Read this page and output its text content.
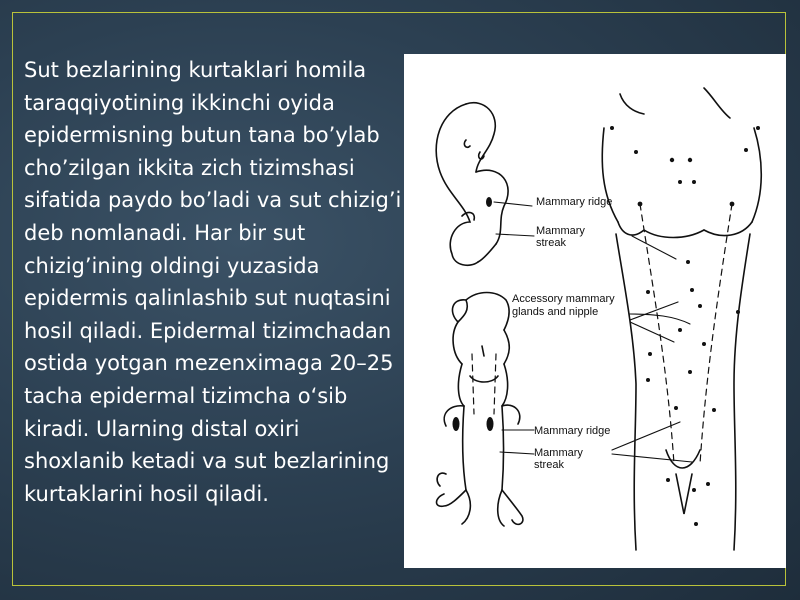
Sut bezlarining kurtaklari homila taraqqiyotining ikkinchi oyida epidermisning butun tana bo’ylab cho’zilgan ikkita zich tizimshasi sifatida paydo bo’ladi va sut chizig’i deb nomlanadi. Har bir sut chizig’ining oldingi yuzasida epidermis qalinlashib sut nuqtasini hosil qiladi. Epidermal tizimchadan ostida yotgan mezenximaga 20–25 tacha epidermal tizimcha o‘sib kiradi. Ularning distal oxiri shoxlanib ketadi va sut bezlarining kurtaklarini hosil qiladi.

Mammary ridge
Mammary
streak
Accessory mammary
glands and nipple
Mammary ridge
Mammary
streak
